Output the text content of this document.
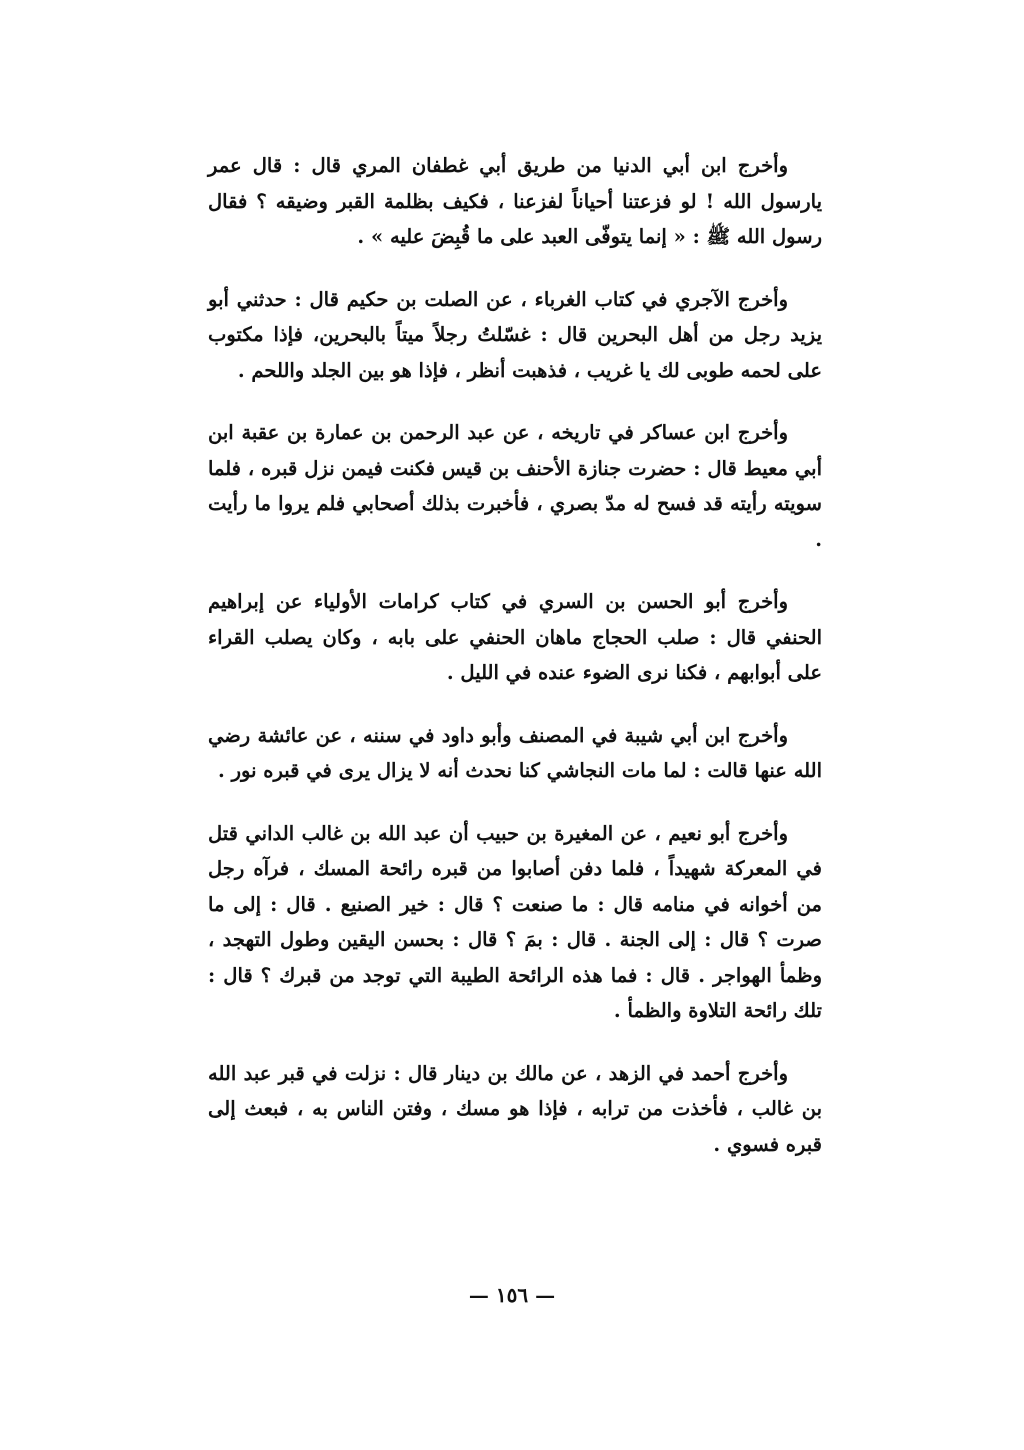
وأخرج ابن أبي الدنيا من طريق أبي غطفان المري قال : قال عمر يارسول الله ! لو فزعتنا أحياناً لفزعنا ، فكيف بظلمة القبر وضيقه ؟ فقال رسول الله ﷺ : « إنما يتوفّى العبد على ما قُبِضَ عليه » .

وأخرج الآجري في كتاب الغرباء ، عن الصلت بن حكيم قال : حدثني أبو يزيد رجل من أهل البحرين قال : غسّلتُ رجلاً ميتاً بالبحرين، فإذا مكتوب على لحمه طوبى لك يا غريب ، فذهبت أنظر ، فإذا هو بين الجلد واللحم .

وأخرج ابن عساكر في تاريخه ، عن عبد الرحمن بن عمارة بن عقبة ابن أبي معيط قال : حضرت جنازة الأحنف بن قيس فكنت فيمن نزل قبره ، فلما سويته رأيته قد فسح له مدّ بصري ، فأخبرت بذلك أصحابي فلم يروا ما رأيت .

وأخرج أبو الحسن بن السري في كتاب كرامات الأولياء عن إبراهيم الحنفي قال : صلب الحجاج ماهان الحنفي على بابه ، وكان يصلب القراء على أبوابهم ، فكنا نرى الضوء عنده في الليل .

وأخرج ابن أبي شيبة في المصنف وأبو داود في سننه ، عن عائشة رضي الله عنها قالت : لما مات النجاشي كنا نحدث أنه لا يزال يرى في قبره نور .

وأخرج أبو نعيم ، عن المغيرة بن حبيب أن عبد الله بن غالب الداني قتل في المعركة شهيداً ، فلما دفن أصابوا من قبره رائحة المسك ، فرآه رجل من أخوانه في منامه قال : ما صنعت ؟ قال : خير الصنيع . قال : إلى ما صرت ؟ قال : إلى الجنة . قال : بمَ ؟ قال : بحسن اليقين وطول التهجد ، وظمأ الهواجر . قال : فما هذه الرائحة الطيبة التي توجد من قبرك ؟ قال : تلك رائحة التلاوة والظمأ .

وأخرج أحمد في الزهد ، عن مالك بن دينار قال : نزلت في قبر عبد الله بن غالب ، فأخذت من ترابه ، فإذا هو مسك ، وفتن الناس به ، فبعث إلى قبره فسوي .

— ١٥٦ —
